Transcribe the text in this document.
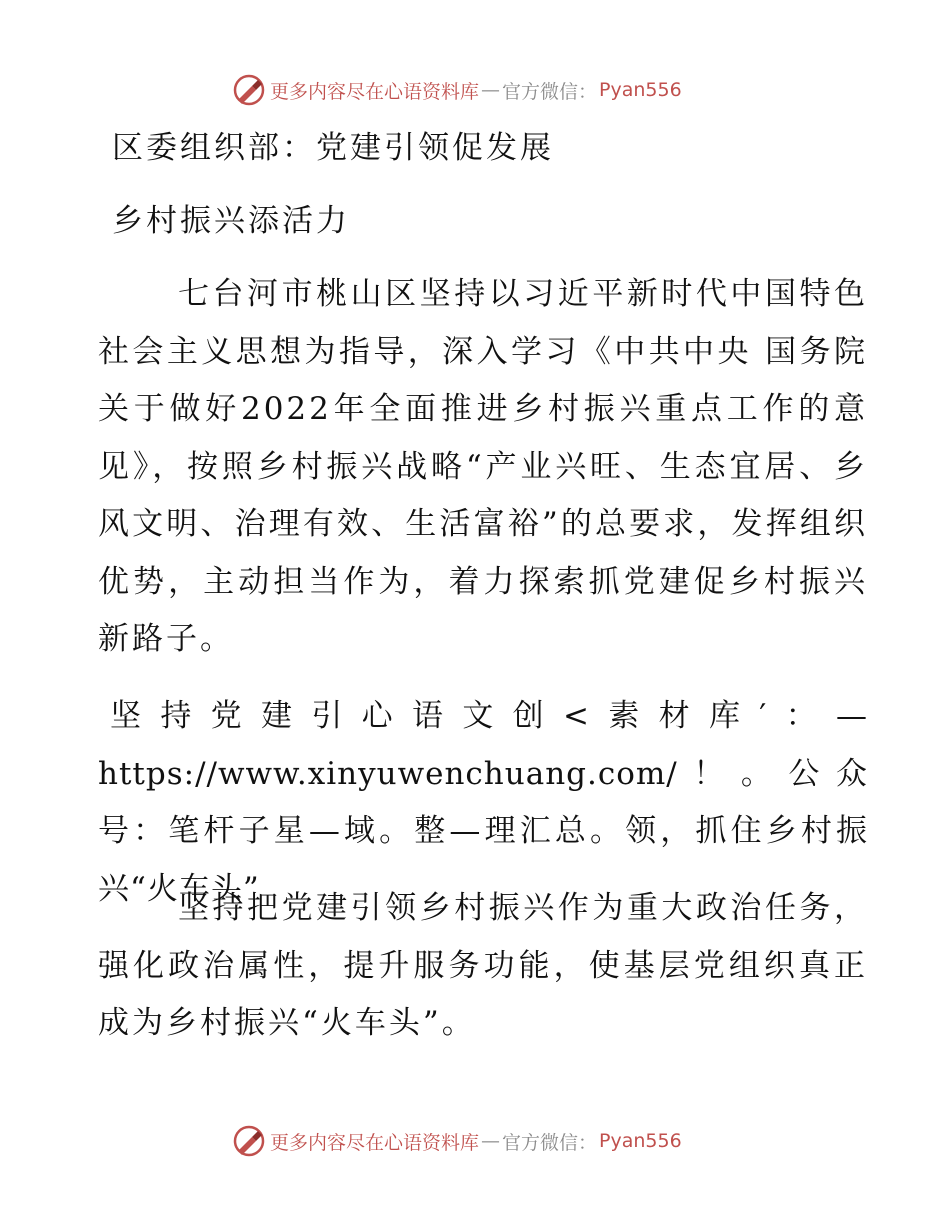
更多内容尽在心语资料库 — 官方微信： Pyan556
区委组织部：党建引领促发展
乡村振兴添活力

七台河市桃山区坚持以习近平新时代中国特色社会主义思想为指导，深入学习《中共中央 国务院关于做好2022年全面推进乡村振兴重点工作的意见》，按照乡村振兴战略“产业兴旺、生态宜居、乡风文明、治理有效、生活富裕”的总要求，发挥组织优势，主动担当作为，着力探索抓党建促乡村振兴新路子。

坚持党建引心语文创<素材库′：—https://www.xinyuwenchuang.com/！。公众号：笔杆子星—域。整—理汇总。领，抓住乡村振兴“火车头”

坚持把党建引领乡村振兴作为重大政治任务，强化政治属性，提升服务功能，使基层党组织真正成为乡村振兴“火车头”。

更多内容尽在心语资料库 — 官方微信： Pyan556
